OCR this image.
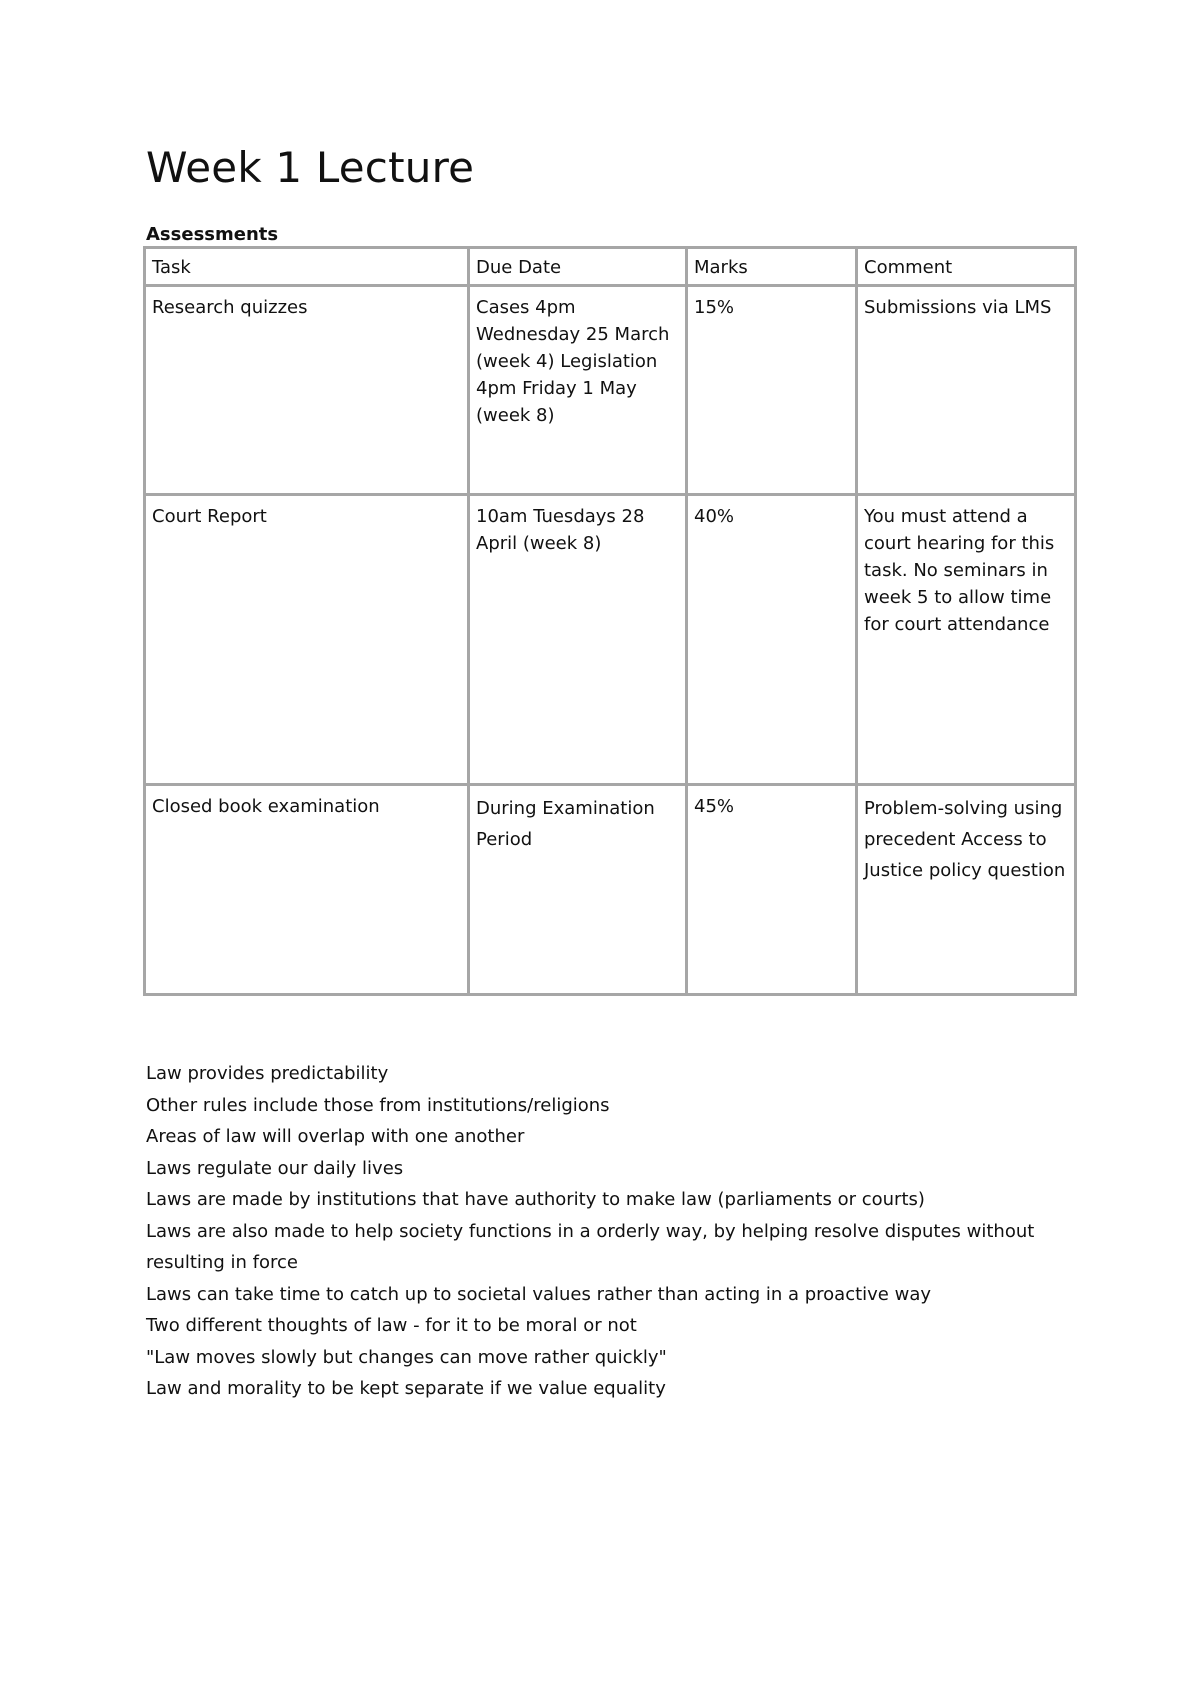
Week 1 Lecture
Assessments
Task	Due Date	Marks	Comment
Research quizzes	Cases 4pm Wednesday 25 March (week 4) Legislation 4pm Friday 1 May (week 8)	15%	Submissions via LMS
Court Report	10am Tuesdays 28 April (week 8)	40%	You must attend a court hearing for this task. No seminars in week 5 to allow time for court attendance
Closed book examination	During Examination Period	45%	Problem-solving using precedent Access to Justice policy question
Law provides predictability
Other rules include those from institutions/religions
Areas of law will overlap with one another
Laws regulate our daily lives
Laws are made by institutions that have authority to make law (parliaments or courts)
Laws are also made to help society functions in a orderly way, by helping resolve disputes without resulting in force
Laws can take time to catch up to societal values rather than acting in a proactive way
Two different thoughts of law - for it to be moral or not
"Law moves slowly but changes can move rather quickly"
Law and morality to be kept separate if we value equality
